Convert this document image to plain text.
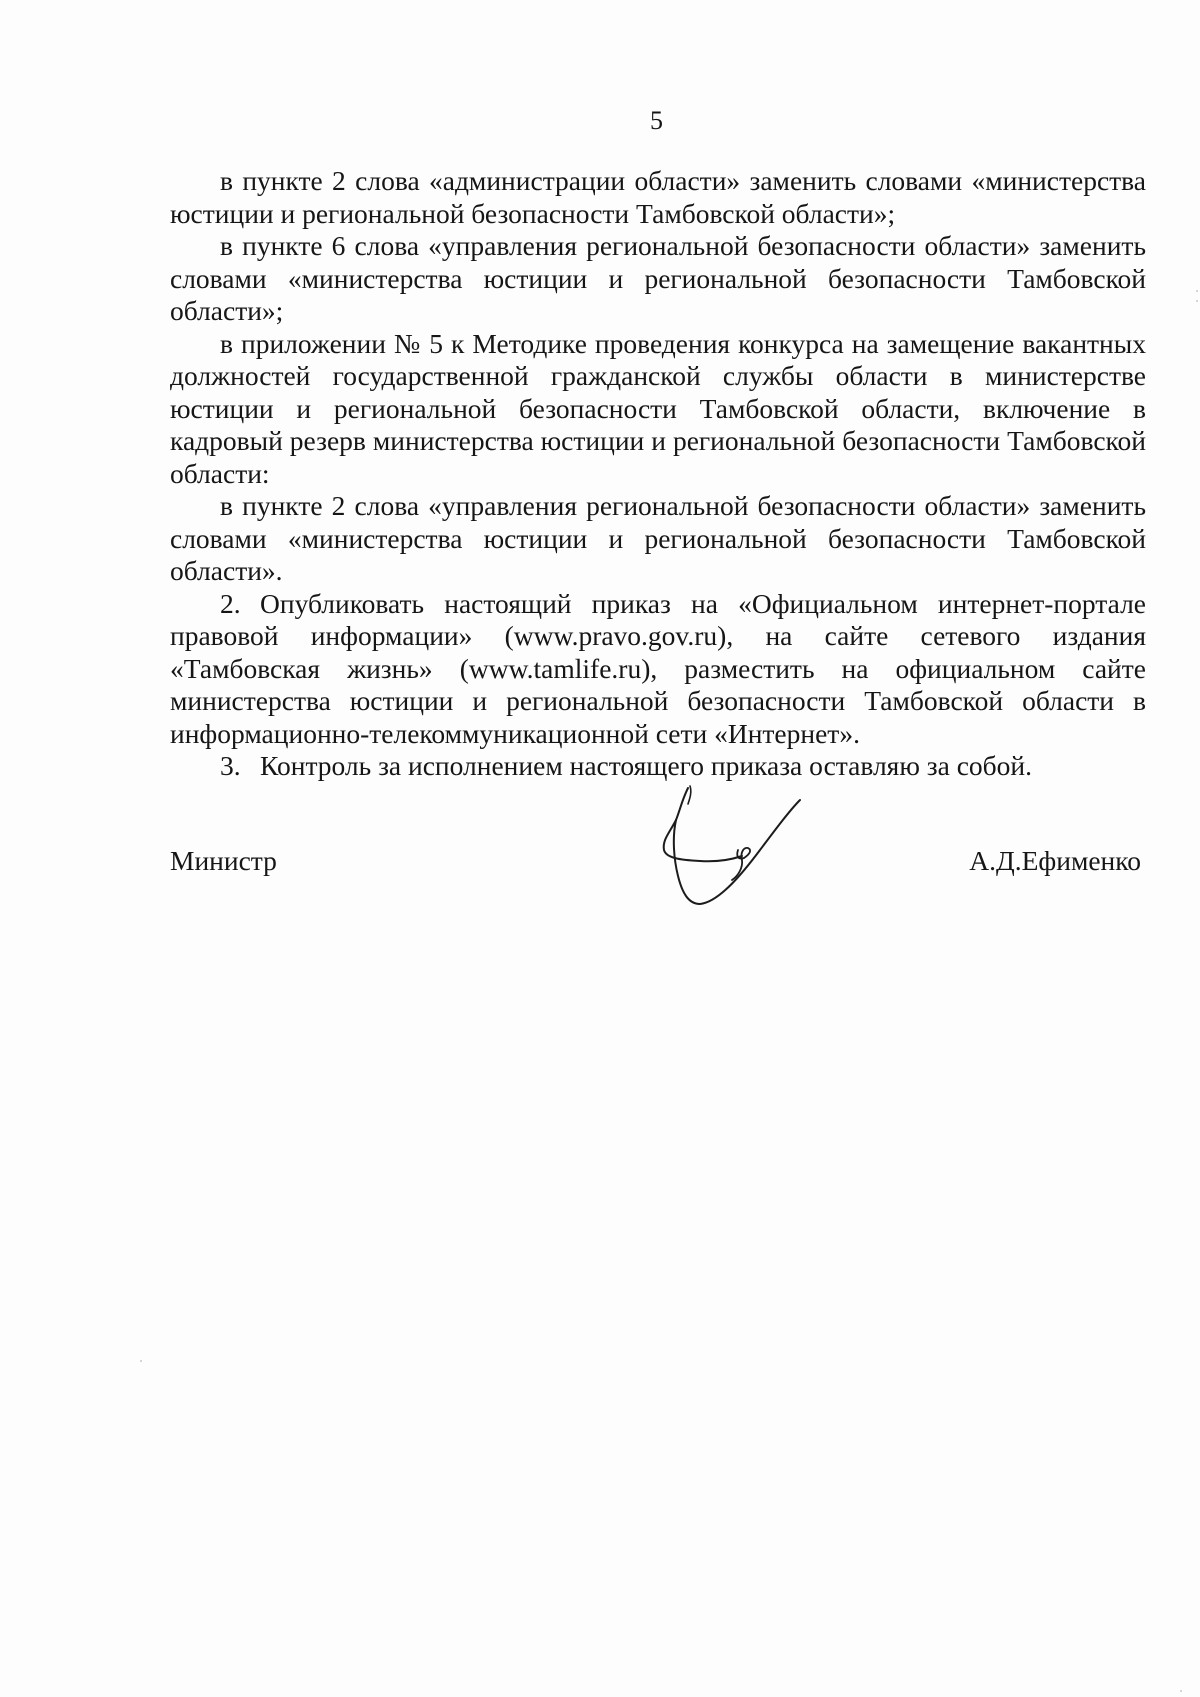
5

в пункте 2 слова «администрации области» заменить словами «министерства юстиции и региональной безопасности Тамбовской области»;

в пункте 6 слова «управления региональной безопасности области» заменить словами «министерства юстиции и региональной безопасности Тамбовской области»;

в приложении № 5 к Методике проведения конкурса на замещение вакантных должностей государственной гражданской службы области в министерстве юстиции и региональной безопасности Тамбовской области, включение в кадровый резерв министерства юстиции и региональной безопасности Тамбовской области:

в пункте 2 слова «управления региональной безопасности области» заменить словами «министерства юстиции и региональной безопасности Тамбовской области».

2. Опубликовать настоящий приказ на «Официальном интернет-портале правовой информации» (www.pravo.gov.ru), на сайте сетевого издания «Тамбовская жизнь» (www.tamlife.ru), разместить на официальном сайте министерства юстиции и региональной безопасности Тамбовской области в информационно-телекоммуникационной сети «Интернет».

3. Контроль за исполнением настоящего приказа оставляю за собой.

Министр	А.Д.Ефименко
